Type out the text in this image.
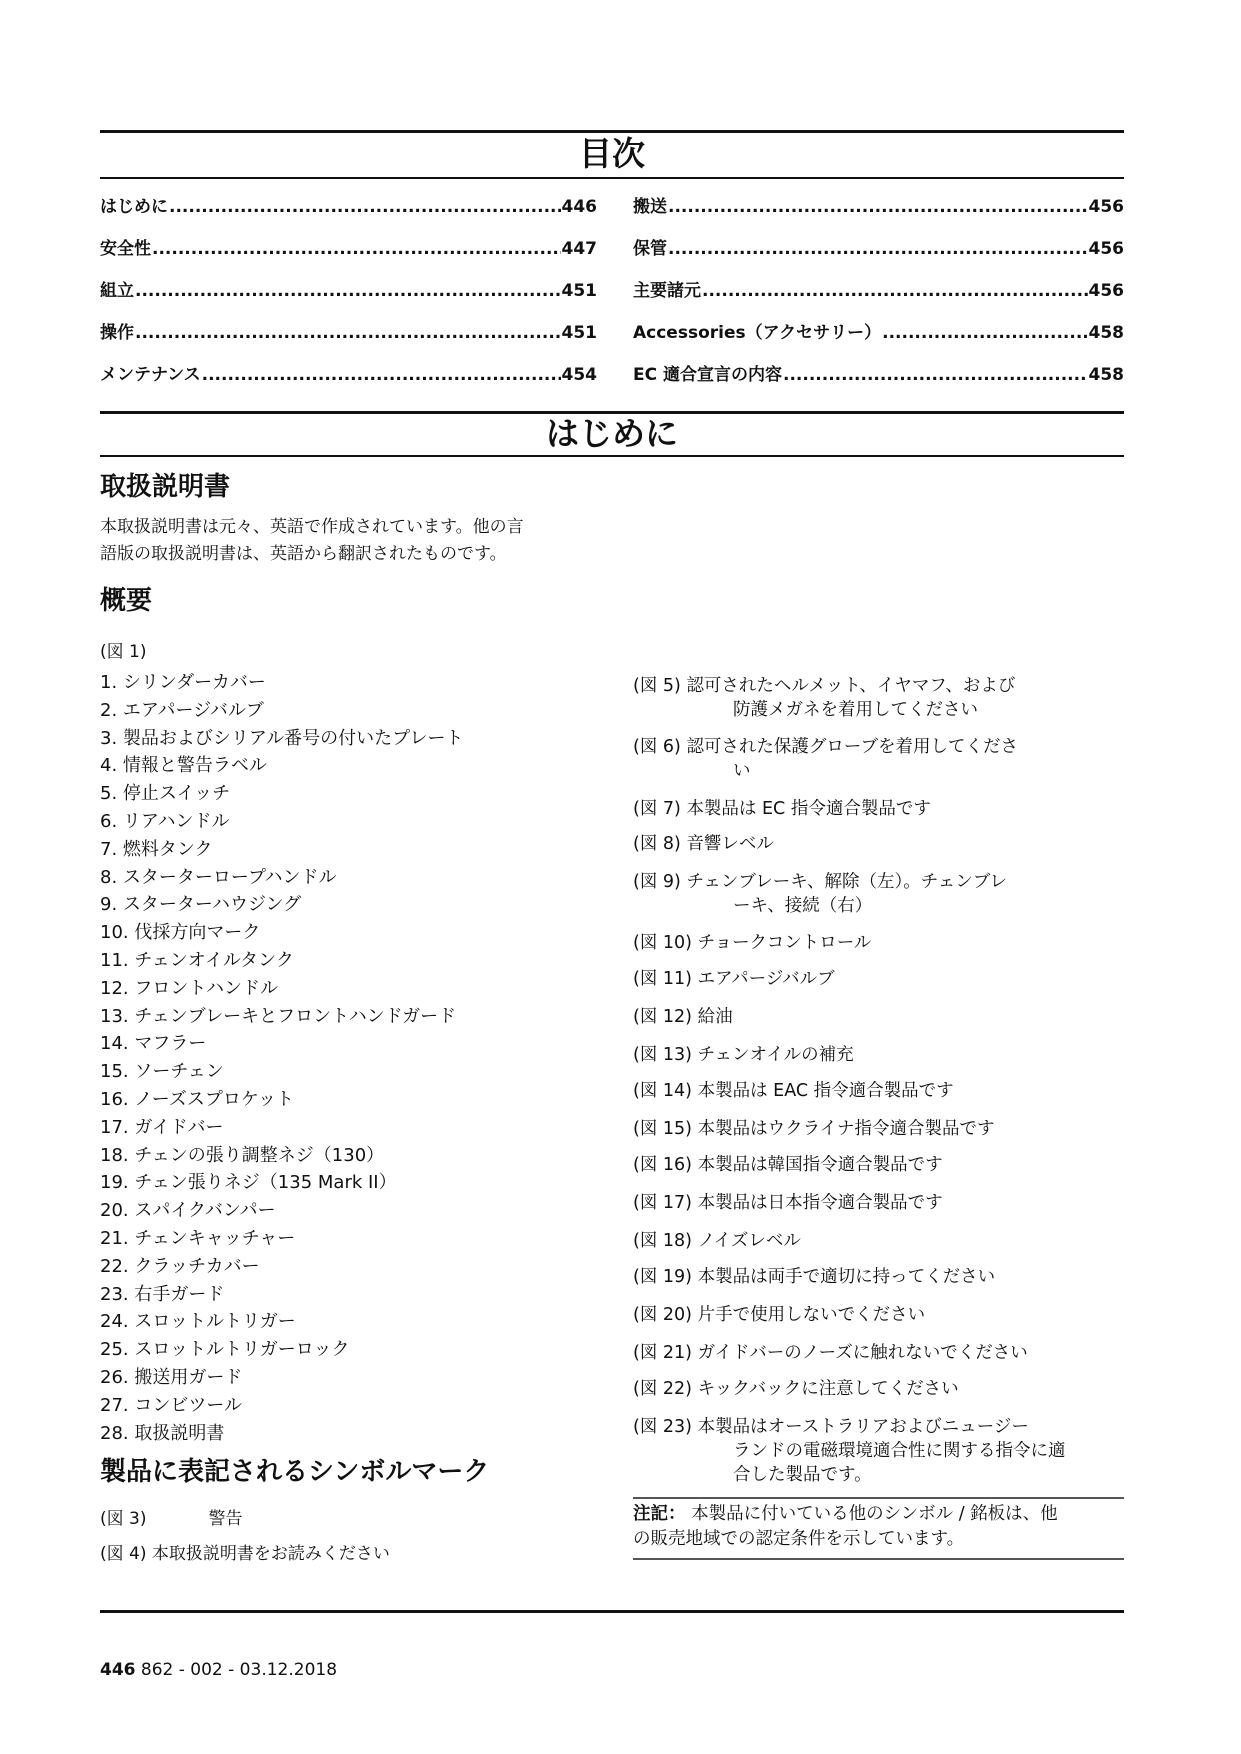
目次
はじめに .....	446
安全性 .....	447
組立 .....	451
操作 .....	451
メンテナンス .....	454
搬送 .....	456
保管 .....	456
主要諸元 .....	456
Accessories（アクセサリー） .....	458
EC 適合宣言の内容 .....	458
はじめに
取扱説明書

本取扱説明書は元々、英語で作成されています。他の言
語版の取扱説明書は、英語から翻訳されたものです。

概要
(図 1)
1. シリンダーカバー
2. エアパージバルブ
3. 製品およびシリアル番号の付いたプレート
4. 情報と警告ラベル
5. 停止スイッチ
6. リアハンドル
7. 燃料タンク
8. スターターロープハンドル
9. スターターハウジング
10. 伐採方向マーク
11. チェンオイルタンク
12. フロントハンドル
13. チェンブレーキとフロントハンドガード
14. マフラー
15. ソーチェン
16. ノーズスプロケット
17. ガイドバー
18. チェンの張り調整ネジ（130）
19. チェン張りネジ（135 Mark II）
20. スパイクバンパー
21. チェンキャッチャー
22. クラッチカバー
23. 右手ガード
24. スロットルトリガー
25. スロットルトリガーロック
26. 搬送用ガード
27. コンビツール
28. 取扱説明書
製品に表記されるシンボルマーク
(図 3)	警告
(図 4) 本取扱説明書をお読みください
(図 5) 認可されたヘルメット、イヤマフ、および
防護メガネを着用してください
(図 6) 認可された保護グローブを着用してくださ
い
(図 7) 本製品は EC 指令適合製品です
(図 8) 音響レベル
(図 9) チェンブレーキ、解除（左）。チェンブレ
ーキ、接続（右）
(図 10) チョークコントロール
(図 11) エアパージバルブ
(図 12) 給油
(図 13) チェンオイルの補充
(図 14) 本製品は EAC 指令適合製品です
(図 15) 本製品はウクライナ指令適合製品です
(図 16) 本製品は韓国指令適合製品です
(図 17) 本製品は日本指令適合製品です
(図 18) ノイズレベル
(図 19) 本製品は両手で適切に持ってください
(図 20) 片手で使用しないでください
(図 21) ガイドバーのノーズに触れないでください
(図 22) キックバックに注意してください
(図 23) 本製品はオーストラリアおよびニュージー
ランドの電磁環境適合性に関する指令に適
合した製品です。

注記： 本製品に付いている他のシンボル / 銘板は、他
の販売地域での認定条件を示しています。

446 862 - 002 - 03.12.2018
